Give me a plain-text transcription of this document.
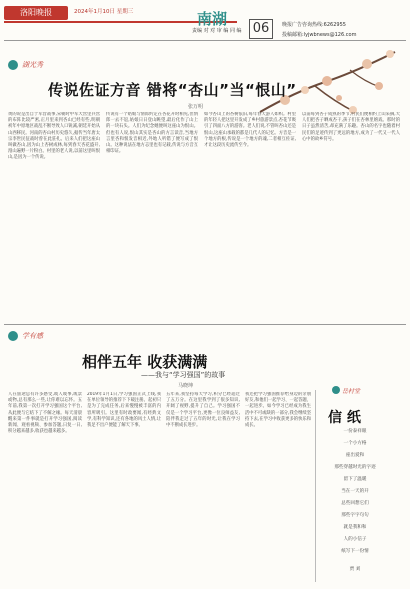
洛阳晚报	2024年1月10日 星期三	南湖
责编 对 对 审 编 同 编 06	晚报广告咨询热线:6262955
投稿邮箱:lyjwbnews@126.com
湖光秀
传说佐证方音 错将“杏山”当“恨山”
张万明
黄的说是出自于军营战事,宋朝时中军大营里兵营的布阵比较严密,正月里来到杏山已经有些,明朝初年中原地区战乱不断导致人口锐减,朝廷开始从山西移民。河南的杏山村历史悠久,据传当年唐太宗李世民征战时曾在此驻扎。后来人们把这座山叫做杏山,因为山上杏树成林,每到春天杏花盛开,漫山遍野一片粉白。村里的老人说,以前这里叫恨山,是因为一个传说。
传说有一个姑娘与情郎约定在杏花开时相见,但情郎一去不返,姑娘日日登山眺望,最后化作了山上的一块石头。人们为纪念她便叫这座山为恨山。但也有人说,恨山其实是杏山的方言读音,当地方言里杏和恨发音相近,外地人听错了便写成了恨山。这种说法在地方志里也有记载,传说与方音互相印证。
如今杏山上的杏树依旧,每年春天游人如织。村里的年轻人把这里开发成了乡村旅游景点,杏花节吸引了四面八方的游客。老人们说,不管叫杏山还是恨山,这座山承载的都是几代人的记忆。方音是一个地方的根,传说是一个地方的魂,二者相互佐证,才让这段历史流传至今。
以前每到杏子成熟的季节,村民们便相约上山采摘,大人们把杏子晒成杏干,孩子们在杏林里嬉戏。那时的日子虽然清苦,却充满了乐趣。杏山的名字也随着村民们的足迹传到了更远的地方,成为了一代又一代人心中的故乡符号。
学有感
相伴五年 收获满满
——我与“学习强国”的故事
马晓坤
人在旅途总有许多感受,或人或事,或景或物,总有那么一些,让你难以忘怀。五年前,我第一次打开学习强国这个平台,从此便与它结下了不解之缘。每天清晨醒来第一件事就是打开学习强国,阅读新闻、观看视频、参加答题,日复一日,积分越来越多,收获也越来越多。
2019年1月1日,学习强国正式上线,我在单位领导的推荐下下载注册。起初只是为了完成任务,后来慢慢被丰富的内容所吸引。这里有时政要闻,有经典文学,有科学知识,还有各地的风土人情,让我足不出户便能了解天下事。
五年来,我坚持每天学习,积分已经超过了五万分。在这里我学到了很多知识,开阔了视野,提升了自己。学习强国不仅是一个学习平台,更像一位良师益友,陪伴我走过了五年的时光,让我在学习中不断成长进步。
我还把学习强国推荐给身边的亲朋好友,和他们一起学习、一起答题、一起进步。如今学习已经成为我生活中不可或缺的一部分,我会继续坚持下去,在学习中收获更多的快乐和成长。
岳村堂
信 纸
一份泰祥眼
一个小方格
座出爱和
那些穿越时光的字迹
留下了温暖
当在一天的开
总些回想它们
那些字字句句
就是我和和
人的小信子
纸写下一份情
贾 刘
